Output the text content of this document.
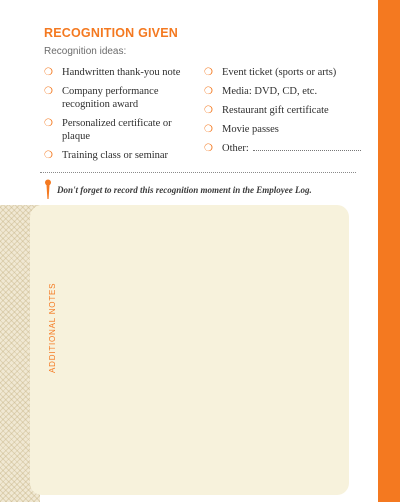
RECOGNITION GIVEN
Recognition ideas:
❍ Handwritten thank-you note
❍ Company performance recognition award
❍ Personalized certificate or plaque
❍ Training class or seminar
❍ Event ticket (sports or arts)
❍ Media: DVD, CD, etc.
❍ Restaurant gift certificate
❍ Movie passes
❍ Other:
Don't forget to record this recognition moment in the Employee Log.
ADDITIONAL NOTES
